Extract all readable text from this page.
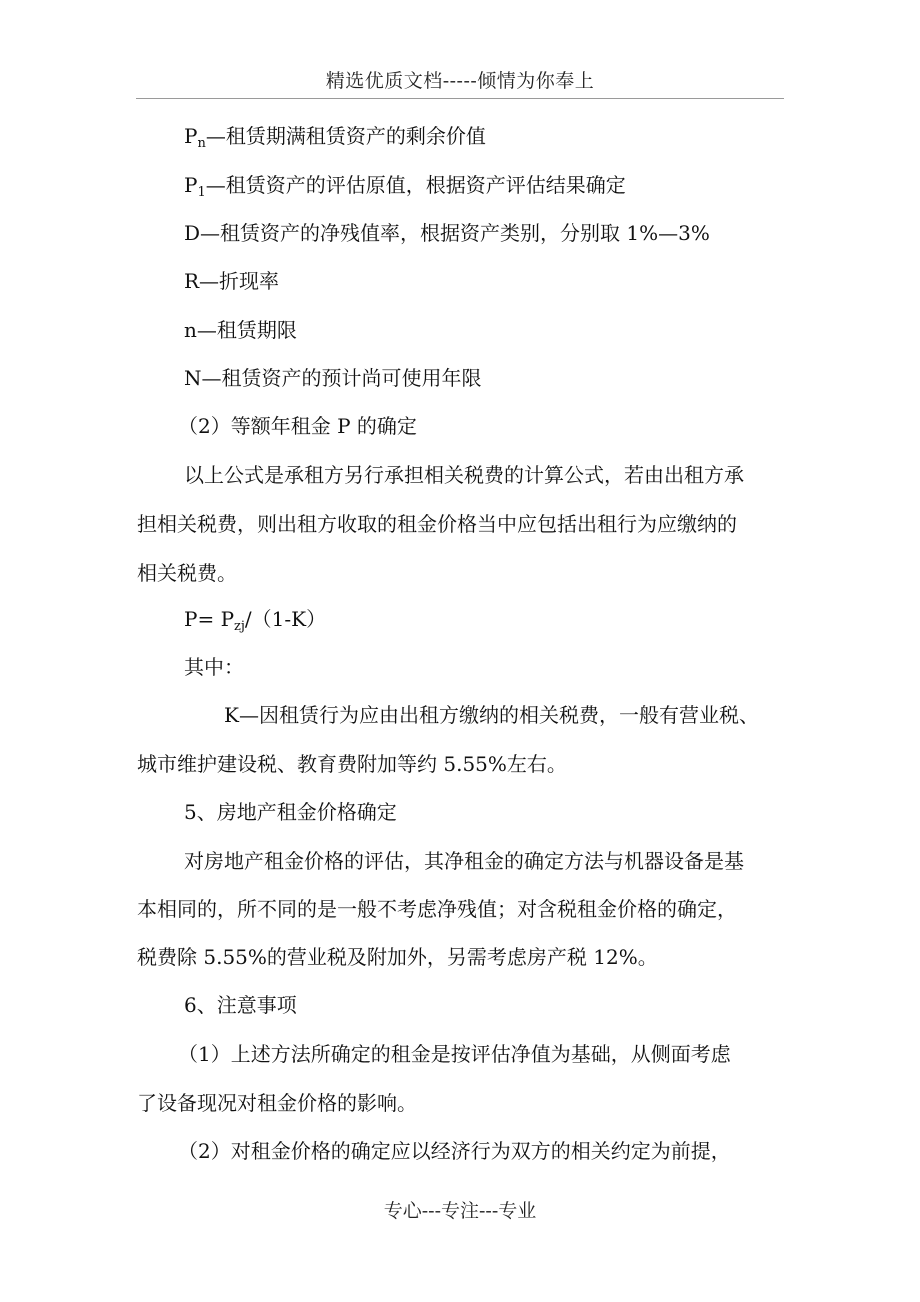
精选优质文档-----倾情为你奉上
$P_n—$租赁期满租赁资产的剩余价值
$P_1—$租赁资产的评估原值，根据资产评估结果确定
D—租赁资产的净残值率，根据资产类别，分别取 1%—3%
R—折现率
n—租赁期限
N—租赁资产的预计尚可使用年限
（2）等额年租金 P 的确定
以上公式是承租方另行承担相关税费的计算公式，若由出租方承
担相关税费，则出租方收取的租金价格当中应包括出租行为应缴纳的
相关税费。
$P= P_{zj}/(1-K)$
其中：
K—因租赁行为应由出租方缴纳的相关税费，一般有营业税、
城市维护建设税、教育费附加等约 5.55%左右。
5、房地产租金价格确定
对房地产租金价格的评估，其净租金的确定方法与机器设备是基
本相同的，所不同的是一般不考虑净残值；对含税租金价格的确定，
税费除 5.55%的营业税及附加外，另需考虑房产税 12%。
6、注意事项
（1）上述方法所确定的租金是按评估净值为基础，从侧面考虑
了设备现况对租金价格的影响。
（2）对租金价格的确定应以经济行为双方的相关约定为前提，
专心---专注---专业
